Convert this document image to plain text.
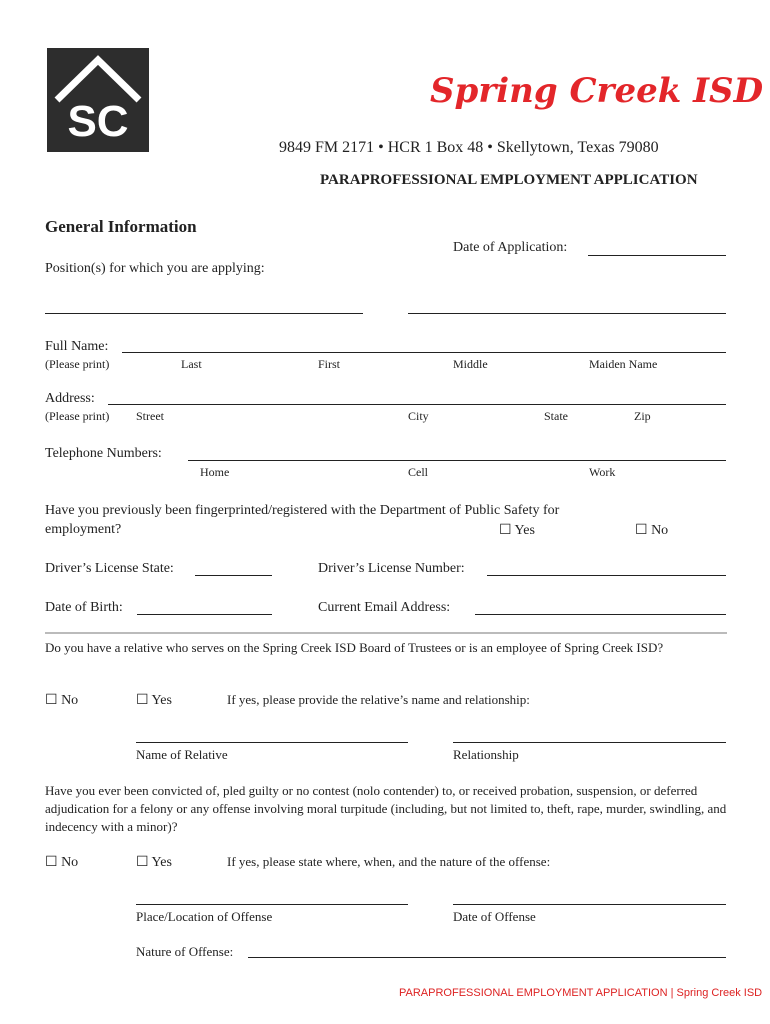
SC
Spring Creek ISD
9849 FM 2171 • HCR 1 Box 48 • Skellytown, Texas 79080
PARAPROFESSIONAL EMPLOYMENT APPLICATION
General Information
Date of Application:
Position(s) for which you are applying:
Full Name:
(Please print)	Last	First	Middle	Maiden Name
Address:
(Please print) Street	City	State	Zip
Telephone Numbers:
Home	Cell	Work
Have you previously been fingerprinted/registered with the Department of Public Safety for
employment?	☐ Yes	☐ No
Driver’s License State:	Driver’s License Number:
Date of Birth:	Current Email Address:
Do you have a relative who serves on the Spring Creek ISD Board of Trustees or is an employee of Spring Creek ISD?
☐ No	☐ Yes	If yes, please provide the relative’s name and relationship:
Name of Relative	Relationship
Have you ever been convicted of, pled guilty or no contest (nolo contender) to, or received probation, suspension, or deferred adjudication for a felony or any offense involving moral turpitude (including, but not limited to, theft, rape, murder, swindling, and indecency with a minor)?
☐ No	☐ Yes	If yes, please state where, when, and the nature of the offense:
Place/Location of Offense	Date of Offense
Nature of Offense:
PARAPROFESSIONAL EMPLOYMENT APPLICATION | Spring Creek ISD
